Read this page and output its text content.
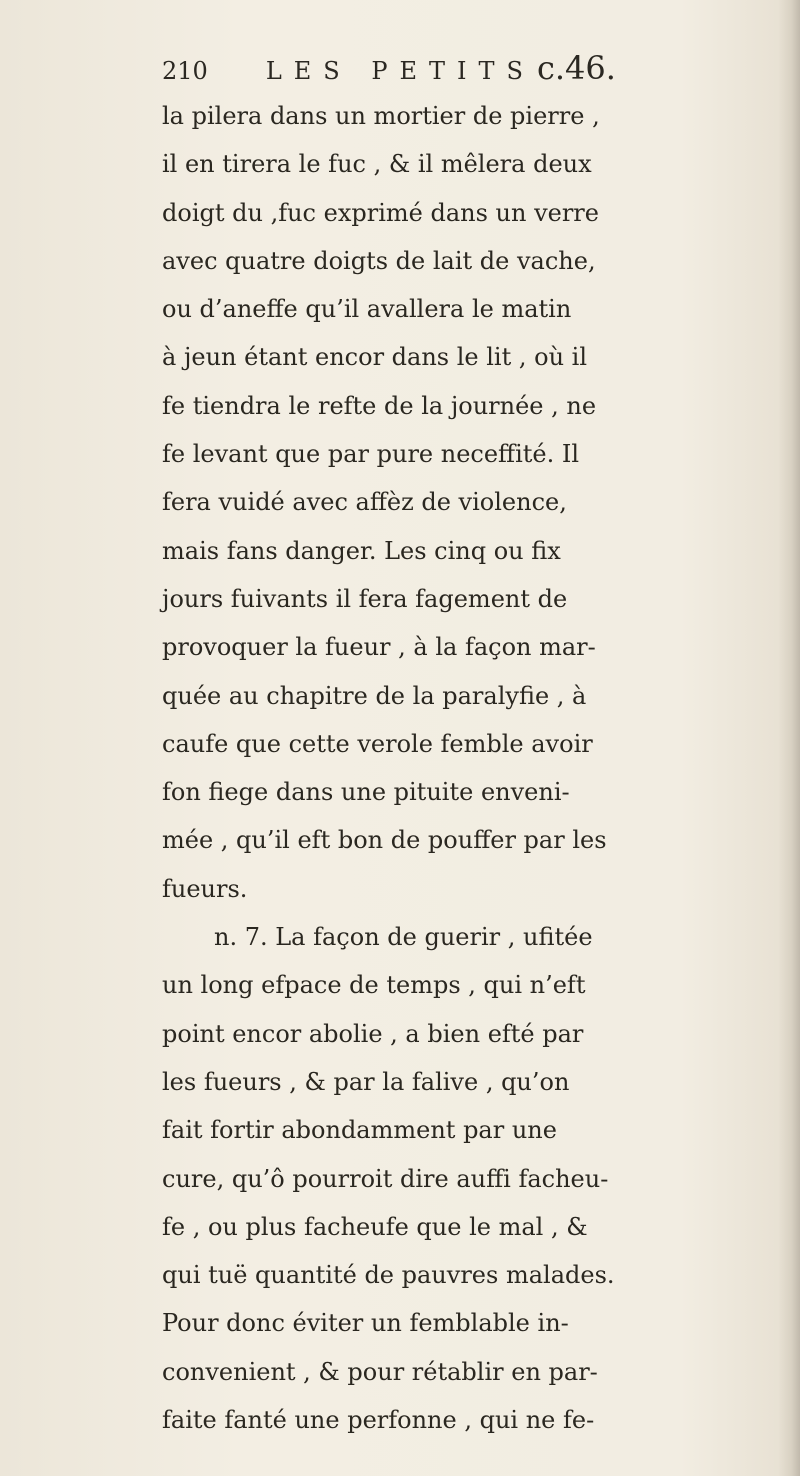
210 LES PETITSc.46.
la pilera dans un mortier de pierre ,
il en tirera le fuc , & il mêlera deux
doigt du ,fuc exprimé dans un verre
avec quatre doigts de lait de vache,
ou d’aneffe qu’il avallera le matin
à jeun étant encor dans le lit , où il
fe tiendra le refte de la journée , ne
fe levant que par pure neceffité. Il
fera vuidé avec affèz de violence,
mais fans danger. Les cinq ou fix
jours fuivants il fera fagement de
provoquer la fueur , à la façon mar-
quée au chapitre de la paralyfie , à
caufe que cette verole femble avoir
fon fiege dans une pituite enveni-
mée , qu’il eft bon de pouffer par les
fueurs.
n. 7. La façon de guerir , ufitée
un long efpace de temps , qui n’eft
point encor abolie , a bien efté par
les fueurs , & par la falive , qu’on
fait fortir abondamment par une
cure, qu’ô pourroit dire auffi facheu-
fe , ou plus facheufe que le mal , &
qui tuë quantité de pauvres malades.
Pour donc éviter un femblable in-
convenient , & pour rétablir en par-
faite fanté une perfonne , qui ne fe-
